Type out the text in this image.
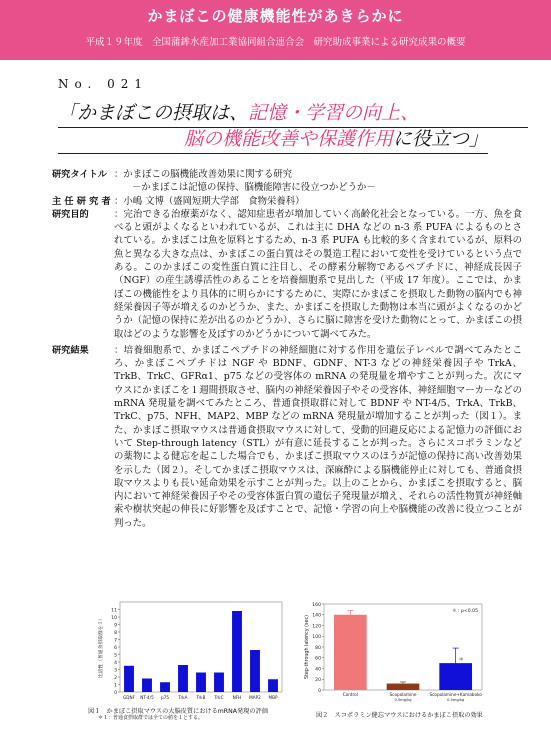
かまぼこの健康機能性があきらかに
平成１９年度　全国蒲鉾水産加工業協同組合連合会　研究助成事業による研究成果の概要
No. 021
「かまぼこの摂取は、記憶・学習の向上、
脳の機能改善や保護作用に役立つ」
研究タイトル ：かまぼこの脳機能改善効果に関する研究
－かまぼこは記憶の保持、脳機能障害に役立つかどうか－
主 任 研 究 者 ：小嶋 文博（盛岡短期大学部　食物栄養科）
研究目的	：完治できる治療薬がなく、認知症患者が増加していく高齢化社会となっている。一方、魚を食べると頭がよくなるといわれているが、これは主に DHA などの n-3 系 PUFA によるものとされている。かまぼこは魚を原料とするため、n-3 系 PUFA も比較的多く含まれているが、原料の魚と異なる大きな点は、かまぼこの蛋白質はその製造工程において変性を受けているという点である。このかまぼこの変性蛋白質に注目し、その酵素分解物であるペプチドに、神経成長因子（NGF）の産生誘導活性のあることを培養細胞系で見出した（平成 17 年度）。ここでは、かまぼこの機能性をより具体的に明らかにするために、実際にかまぼこを摂取した動物の脳内でも神経栄養因子等が増えるのかどうか、また、かまぼこを摂取した動物は本当に頭がよくなるのかどうか（記憶の保持に差が出るのかどうか）、さらに脳に障害を受けた動物にとって、かまぼこの摂取はどのような影響を及ぼすのかどうかについて調べてみた。
研究結果	：培養細胞系で、かまぼこペプチドの神経細胞に対する作用を遺伝子レベルで調べてみたところ、かまぼこペプチドは NGF や BDNF、GDNF、NT-3 などの神経栄養因子や TrkA、TrkB、TrkC、GFRα1、p75 などの受容体の mRNA の発現量を増やすことが判った。次にマウスにかまぼこを１週間摂取させ、脳内の神経栄養因子やその受容体、神経細胞マーカーなどの mRNA 発現量を調べてみたところ、普通食摂取群に対して BDNF や NT-4/5、TrkA、TrkB、TrkC、p75、NFH、MAP2、MBP などの mRNA 発現量が増加することが判った（図１）。また、かまぼこ摂取マウスは普通食摂取マウスに対して、受動的回避反応による記憶力の評価において Step-through latency（STL）が有意に延長することが判った。さらにスコポラミンなどの薬物による健忘を起こした場合でも、かまぼこ摂取マウスのほうが記憶の保持に高い改善効果を示した（図２）。そしてかまぼこ摂取マウスは、深麻酔による脳機能停止に対しても、普通食摂取マウスよりも長い延命効果を示すことが判った。以上のことから、かまぼこを摂取すると、脳内において神経栄養因子やその受容体蛋白質の遺伝子発現量が増え、それらの活性物質が神経軸索や樹状突起の伸長に好影響を及ぼすことで、記憶・学習の向上や脳機能の改善に役立つことが判った。
0
1
2
3
4
5
6
7
8
9
10
11
GDNF NT-4/5 p75 TrkA TrkB TrkC NFH MAP2 MBP
比活性（普通食摂取群を１）
図１　かまぼこ摂取マウスの大脳皮質におけるmRNA発現の評価
＊１：普通食摂取群では全ての値を１とする。
0
20
40
60
80
100
120
140
160
Control	Scopolamine
0.5mg/kg
Scopolamine+Kamaboko
0.5mg/kg
＊
＊ : p<0.05
Step-through latency (sec)
図２　スコポラミン健忘マウスにおけるかまぼこ摂取の効果
